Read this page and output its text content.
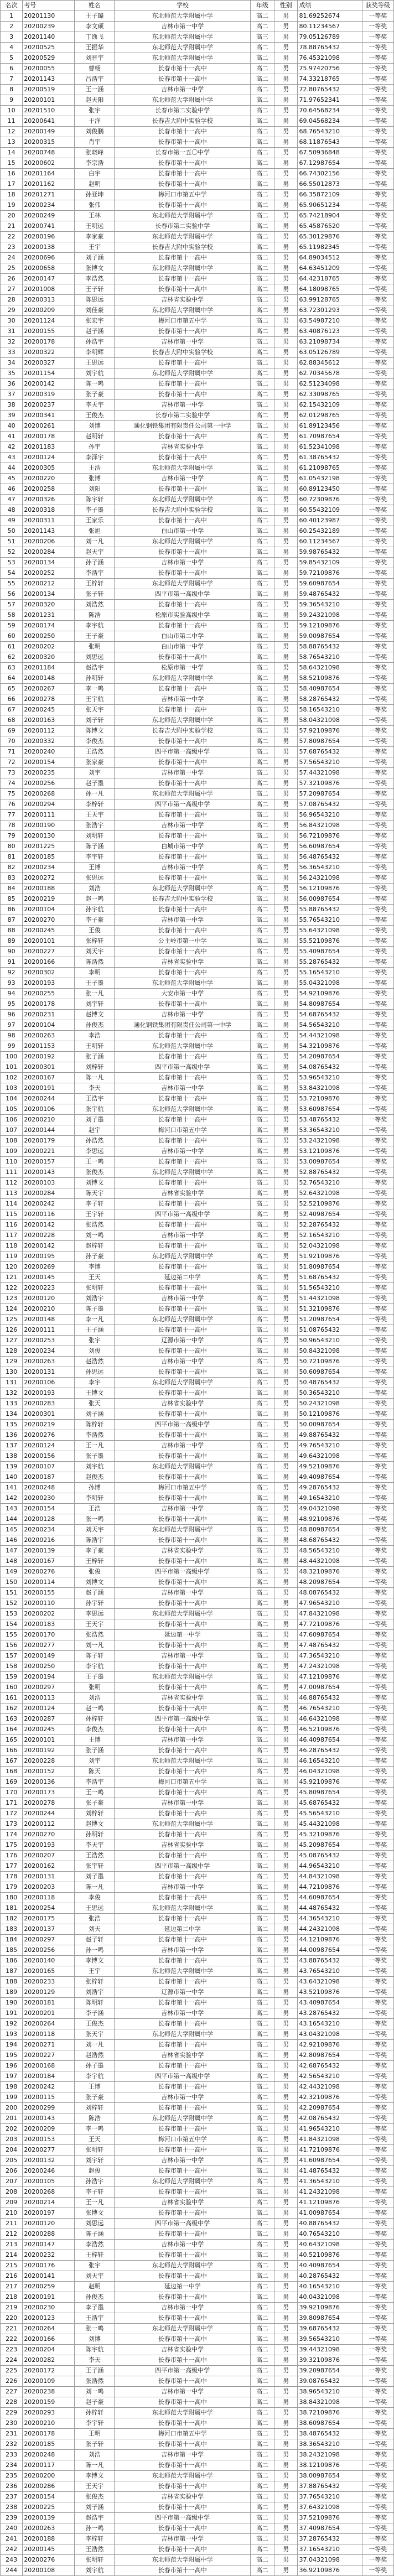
名次	考号	姓名	学校	年级	性别	成绩	获奖等级
1	20201130	王子璐	东北师范大学附属中学	高二	男	81.69252674	一等奖
2	20200239	李文硕	吉林市第一中学	高二	男	80.11234567	一等奖
3	20201140	丁逸飞	东北师范大学附属中学	高三	男	79.05126789	一等奖
4	20200525	王振华	东北师范大学附属中学	高二	男	78.88765432	一等奖
5	20200529	刘晋宇	东北师范大学附属中学	高二	男	76.45321098	一等奖
6	20200055	曹畅	长春市第十一高中	高二	男	75.97420756	一等奖
7	20201143	吕浩宇	长春市第十一高中	高二	男	74.33218765	一等奖
8	20200519	王一涵	吉林市第一中学	高二	男	72.80765432	一等奖
9	20200101	赵天阳	东北师范大学附属中学	高二	男	71.97652341	一等奖
10	20201510	张宇	长春市第二实验中学	高二	男	70.64568234	一等奖
11	20200641	于洋	长春吉大附中实验学校	高二	男	69.04568234	一等奖
12	20200149	刘俊鹏	长春市第十一高中	高二	男	68.76543210	一等奖
13	20200315	肖宇	长春市第十一高中	高二	男	68.11876543	一等奖
14	20200748	张晓峰	长春市第一五〇中学	高二	男	67.50936848	一等奖
15	20200602	李宗浩	长春市第十一高中	高二	男	67.12987654	一等奖
16	20201164	白宇	长春市第十一高中	高二	男	66.74302156	一等奖
17	20201162	赵明	长春市第十一高中	高二	男	66.55012873	一等奖
18	20201271	孙亚坤	梅河口市第五中学	高二	男	66.35872109	一等奖
19	20200234	张伟	长春市第十一高中	高二	男	65.90651234	一等奖
20	20200249	王林	东北师范大学附属中学	高二	男	65.74218904	一等奖
21	20200741	王明远	长春市第二实验中学	高二	男	65.45876520	一等奖
22	20200196	李家豪	东北师范大学附属中学	高二	男	65.30129876	一等奖
23	20200138	王宇	长春吉大附中实验学校	高二	男	65.11982345	一等奖
24	20200696	刘子涵	长春市第十一高中	高二	男	64.89034512	一等奖
25	20200658	张博文	东北师范大学附属中学	高二	男	64.63451209	一等奖
26	20200147	李浩然	长春市第十一高中	高二	男	64.42318765	一等奖
27	20201008	王子轩	长春市第十一高中	高二	男	64.18098765	一等奖
28	20200313	陈思远	吉林省实验中学	高二	男	63.99128765	一等奖
29	20200209	刘佳豪	东北师范大学附属中学	高二	男	63.72301293	一等奖
30	20201124	张宏宇	梅河口市第五中学	高二	男	63.54987210	一等奖
31	20200155	赵子涵	长春市第十一高中	高二	男	63.40876123	一等奖
32	20200178	孙浩宇	吉林市第一中学	高二	男	63.21098734	一等奖
33	20200322	李明辉	长春吉大附中实验学校	高二	男	63.05126789	一等奖
34	20200327	王思远	长春市第十一高中	高二	男	62.88345612	一等奖
35	20201154	刘宇航	东北师范大学附属中学	高二	男	62.70345678	一等奖
36	20200142	陈一鸣	长春市第十一高中	高二	男	62.51234098	一等奖
37	20200319	张子豪	长春市第十一高中	高二	男	62.33098765	一等奖
38	20200237	李天宇	吉林市第一中学	高二	男	62.15432109	一等奖
39	20200341	王俊杰	长春市第二实验中学	高二	男	62.01298765	一等奖
40	20200261	刘博	通化钢铁集团有限责任公司第一中学	高二	男	61.89123456	一等奖
41	20200178	赵明轩	长春市第十一高中	高二	男	61.70987654	一等奖
42	20201183	孙宇	吉林省实验中学	高二	男	61.52341098	一等奖
43	20200124	李泽宇	长春市第十一高中	高二	男	61.38765432	一等奖
44	20200305	王浩	东北师范大学附属中学	高二	男	61.21098765	一等奖
45	20200220	张博	吉林市第一中学	高二	男	61.05432198	一等奖
46	20200258	刘阳	长春市第十一高中	高二	男	60.89123450	一等奖
47	20200326	陈宇轩	东北师范大学附属中学	高二	男	60.72309876	一等奖
48	20200318	李子墨	长春吉大附中实验学校	高二	男	60.55432109	一等奖
49	20200311	王家乐	长春市第十一高中	高二	男	60.40123987	一等奖
50	20201143	张旭	白山市第一中学	高二	男	60.25432189	一等奖
51	20200206	刘一凡	东北师范大学附属中学	高二	男	60.11234567	一等奖
52	20200284	赵天宇	长春市第十一高中	高二	男	59.98765432	一等奖
53	20200134	孙子涵	吉林市第一中学	高二	男	59.85432109	一等奖
54	20200252	李浩宇	长春市第十一高中	高二	男	59.72109876	一等奖
55	20200212	王梓轩	东北师范大学附属中学	高二	男	59.60987654	一等奖
56	20200134	张子轩	四平市第一高级中学	高二	男	59.48765432	一等奖
57	20200320	刘浩然	长春市第十一高中	高二	男	59.36543210	一等奖
58	20201231	陈浩	松原市实验高级中学	高二	男	59.24321098	一等奖
59	20200174	李宇航	长春市第十一高中	高二	男	59.12109876	一等奖
60	20200250	王子豪	白山市第二中学	高二	男	59.00987654	一等奖
61	20200202	张明	白山市第一中学	高二	男	58.88765432	一等奖
62	20200320	刘思远	长春市第十一高中	高二	男	58.76543210	一等奖
63	20201184	赵浩宇	松原市第一中学	高二	男	58.64321098	一等奖
64	20200148	孙明轩	东北师范大学附属中学	高二	男	58.52109876	一等奖
65	20200267	李一鸣	长春市第十一高中	高二	男	58.40987654	一等奖
66	20200278	王宇航	吉林市第一中学	高二	男	58.28765432	一等奖
67	20200245	张天宇	长春市第十一高中	高二	男	58.16543210	一等奖
68	20200163	刘子轩	东北师范大学附属中学	高二	男	58.04321098	一等奖
69	20200112	陈博文	长春吉大附中实验学校	高二	男	57.92109876	一等奖
70	20200332	李俊杰	长春市第十一高中	高二	男	57.80987654	一等奖
71	20200240	王浩然	四平市第一高级中学	高二	男	57.68765432	一等奖
72	20200154	张家豪	长春市第十一高中	高二	男	57.56543210	一等奖
73	20200235	刘宇	吉林市第一中学	高二	男	57.44321098	一等奖
74	20200256	赵子墨	长春市第十一高中	高二	男	57.32109876	一等奖
75	20200268	孙一凡	东北师范大学附属中学	高二	男	57.20987654	一等奖
76	20200294	李梓轩	四平市第一高级中学	高二	男	57.08765432	一等奖
77	20200111	王天宇	长春市第十一高中	高二	男	56.96543210	一等奖
78	20200190	张浩宇	吉林市第一中学	高二	男	56.84321098	一等奖
79	20200130	刘明轩	长春市第十一高中	高二	男	56.72109876	一等奖
80	20201225	陈子涵	白城市第一中学	高二	男	56.60987654	一等奖
81	20200185	李宇轩	长春市第十一高中	高二	男	56.48765432	一等奖
82	20200234	王博	吉林市第一中学	高二	男	56.36543210	一等奖
83	20200272	张思远	长春市第十一高中	高二	男	56.24321098	一等奖
84	20200188	刘浩	东北师范大学附属中学	高二	男	56.12109876	一等奖
85	20200219	赵一鸣	长春吉大附中实验学校	高二	男	56.00987654	一等奖
86	20200104	孙宇航	长春市第十一高中	高二	男	55.88765432	一等奖
87	20200270	李子豪	吉林市第一中学	高二	男	55.76543210	一等奖
88	20200245	王俊	长春市第十一高中	高二	男	55.64321098	一等奖
89	20200101	张梓轩	公主岭市第一中学	高二	男	55.52109876	一等奖
90	20200227	刘天宇	长春市第十一高中	高二	男	55.40987654	一等奖
91	20200166	陈浩然	吉林省实验中学	高二	男	55.28765432	一等奖
92	20200302	李明	长春市第十一高中	高二	男	55.16543210	一等奖
93	20200193	王子墨	东北师范大学附属中学	高二	男	55.04321098	一等奖
94	20200255	张一凡	大安市第一中学	高二	男	54.92109876	一等奖
95	20200178	刘宇轩	长春市第十一高中	高二	男	54.80987654	一等奖
96	20200231	赵博文	吉林市第一中学	高二	男	54.68765432	一等奖
97	20200104	孙俊杰	通化钢铁集团有限责任公司第一中学	高二	男	54.56543210	一等奖
98	20200263	李浩	长春市第十一高中	高二	男	54.44321098	一等奖
99	20201153	王明轩	东北师范大学附属中学	高二	男	54.32109876	一等奖
100	20200192	张子涵	长春市第十一高中	高二	男	54.20987654	一等奖
101	20200301	刘梓轩	四平市第一高级中学	高二	男	54.08765432	一等奖
102	20200167	陈一凡	长春市第十一高中	高二	男	53.96543210	一等奖
103	20200191	李天	吉林市第一中学	高二	男	53.84321098	一等奖
104	20200244	王浩宇	长春市第十一高中	高二	男	53.72109876	一等奖
105	20200106	张宇航	东北师范大学附属中学	高二	男	53.60987654	一等奖
106	20200210	刘子墨	长春市第十一高中	高二	男	53.48765432	一等奖
107	20200144	赵宇	梅河口市第五中学	高二	男	53.36543210	一等奖
108	20200179	孙浩然	长春市第十一高中	高二	男	53.24321098	一等奖
109	20200221	李思远	吉林市第一中学	高二	男	53.12109876	一等奖
110	20200157	王一鸣	长春市第十一高中	高二	男	53.00987654	一等奖
111	20200143	张俊杰	东北师范大学附属中学	高二	男	52.88765432	一等奖
112	20200103	刘博文	长春市第十一高中	高二	男	52.76543210	一等奖
113	20200284	陈天宇	吉林省实验中学	高二	男	52.64321098	一等奖
114	20200242	李子轩	长春市第十一高中	高二	男	52.52109876	一等奖
115	20200116	王宇轩	四平市第一高级中学	高二	男	52.40987654	一等奖
116	20200142	张浩然	长春市第十一高中	高二	男	52.28765432	一等奖
117	20200228	刘一鸣	吉林市第一中学	高二	男	52.16543210	一等奖
118	20200142	赵梓轩	长春市第十一高中	高二	男	52.04321098	一等奖
119	20200195	孙子豪	东北师范大学附属中学	高二	男	51.92109876	一等奖
120	20200269	李博	长春市第十一高中	高二	男	51.80987654	一等奖
121	20200145	王天	延边第二中学	高二	男	51.68765432	一等奖
122	20200223	张明轩	长春市第十一高中	高二	男	51.56543210	一等奖
123	20200120	刘浩宇	吉林市第一中学	高二	男	51.44321098	一等奖
124	20200210	陈子墨	长春市第十一高中	高二	男	51.32109876	一等奖
125	20200148	李一凡	东北师范大学附属中学	高二	男	51.20987654	一等奖
126	20200111	王子涵	长春市第十一高中	高二	男	51.08765432	一等奖
127	20200253	张宇	辽源市第一中学	高二	男	50.96543210	一等奖
128	20200234	刘俊	长春市第十一高中	高二	男	50.84321098	一等奖
129	20200263	赵浩然	吉林市第一中学	高二	男	50.72109876	一等奖
130	20200131	孙思远	长春市第十一高中	高二	男	50.60987654	一等奖
131	20200106	李宇	东北师范大学附属中学	高二	男	50.48765432	一等奖
132	20200193	王博文	长春市第十一高中	高二	男	50.36543210	一等奖
133	20200283	张天	吉林省实验中学	高二	男	50.24321098	一等奖
134	20200301	刘子涵	长春市第十一高中	高二	男	50.12109876	一等奖
135	20200219	陈梓轩	四平市第一高级中学	高二	男	50.00987654	一等奖
136	20200276	李浩然	长春市第十一高中	高二	男	49.88765432	一等奖
137	20200124	王一凡	吉林市第一中学	高二	男	49.76543210	一等奖
138	20200156	张子墨	长春市第十一高中	高二	男	49.64321098	一等奖
139	20200107	刘宇航	东北师范大学附属中学	高二	男	49.52109876	一等奖
140	20200187	赵俊杰	长春市第十一高中	高二	男	49.40987654	一等奖
141	20200248	孙博	梅河口市第五中学	高二	男	49.28765432	一等奖
142	20200230	李明轩	长春市第十一高中	高二	男	49.16543210	一等奖
143	20200154	王浩	吉林市第一中学	高二	男	49.04321098	一等奖
144	20200128	张一鸣	长春市第十一高中	高二	男	48.92109876	一等奖
145	20200234	刘天宇	东北师范大学附属中学	高二	男	48.80987654	一等奖
146	20200216	陈浩宇	长春市第十一高中	高二	男	48.68765432	一等奖
147	20200139	李子豪	吉林省实验中学	高二	男	48.56543210	一等奖
148	20200167	王梓轩	长春市第十一高中	高二	男	48.44321098	一等奖
149	20200276	张俊	四平市第一高级中学	高二	男	48.32109876	一等奖
150	20200114	刘博文	长春市第十一高中	高二	男	48.20987654	一等奖
151	20200155	赵子涵	吉林市第一中学	高二	男	48.08765432	一等奖
152	20200110	孙宇轩	长春市第十一高中	高二	男	47.96543210	一等奖
153	20200202	李思远	东北师范大学附属中学	高二	男	47.84321098	一等奖
154	20200183	王天宇	长春市第十一高中	高二	男	47.72109876	一等奖
155	20200170	张浩然	延边第一中学	高二	男	47.60987654	一等奖
156	20200277	刘一凡	长春市第十一高中	高二	男	47.48765432	一等奖
157	20200149	陈子轩	吉林市第一中学	高二	男	47.36543210	一等奖
158	20200250	李宇航	长春市第十一高中	高二	男	47.24321098	一等奖
159	20200194	王子墨	东北师范大学附属中学	高二	男	47.12109876	一等奖
160	20200297	张明	长春市第十一高中	高二	男	47.00987654	一等奖
161	20200113	刘浩	吉林省实验中学	高二	男	46.88765432	一等奖
162	20200124	赵一鸣	长春市第十一高中	高二	男	46.76543210	一等奖
163	20200287	孙梓轩	四平市第一高级中学	高二	男	46.64321098	一等奖
164	20200245	李俊杰	长春市第十一高中	高二	男	46.52109876	一等奖
165	20200101	王博	吉林市第一中学	高二	男	46.40987654	一等奖
166	20200192	张子涵	长春市第十一高中	高二	男	46.28765432	一等奖
167	20200228	刘宇	东北师范大学附属中学	高二	男	46.16543210	一等奖
168	20200152	陈天	长春市第十一高中	高二	男	46.04321098	一等奖
169	20200136	李浩宇	梅河口市第五中学	高二	男	45.92109876	一等奖
170	20200173	王一鸣	长春市第十一高中	高二	男	45.80987654	一等奖
171	20200278	张子豪	吉林市第一中学	高二	男	45.68765432	一等奖
172	20200244	刘梓轩	长春市第十一高中	高二	男	45.56543210	一等奖
173	20200112	赵博文	东北师范大学附属中学	高二	男	45.44321098	一等奖
174	20200270	孙明轩	长春市第十一高中	高二	男	45.32109876	一等奖
175	20200193	李天宇	吉林省实验中学	高二	男	45.20987654	一等奖
176	20200207	王浩然	长春市第十一高中	高二	男	45.08765432	一等奖
177	20200162	张宇轩	四平市第一高级中学	高二	男	44.96543210	一等奖
178	20200131	刘子墨	长春市第十一高中	高二	男	44.84321098	一等奖
179	20200203	陈一凡	吉林市第一中学	高二	男	44.72109876	一等奖
180	20200118	李俊	长春市第十一高中	高二	男	44.60987654	一等奖
181	20200254	王思远	东北师范大学附属中学	高二	男	44.48765432	一等奖
182	20200175	张浩	长春市第十一高中	高二	男	44.36543210	一等奖
183	20200137	刘天	延边第二中学	高二	男	44.24321098	一等奖
184	20200297	赵子轩	长春市第十一高中	高二	男	44.12109876	一等奖
185	20200256	孙一鸣	吉林市第一中学	高二	男	44.00987654	一等奖
186	20200140	李博文	长春市第十一高中	高二	男	43.88765432	一等奖
187	20200165	王宇	东北师范大学附属中学	高二	男	43.76543210	一等奖
188	20200233	张梓轩	长春市第十一高中	高二	男	43.64321098	一等奖
189	20200129	刘浩宇	辽源市第一中学	高二	男	43.52109876	一等奖
190	20200181	陈明轩	长春市第十一高中	高二	男	43.40987654	一等奖
191	20200201	李子涵	吉林市第一中学	高二	男	43.28765432	一等奖
192	20200264	王俊杰	长春市第十一高中	高二	男	43.16543210	一等奖
193	20200118	张天宇	东北师范大学附属中学	高二	男	43.04321098	一等奖
194	20200271	刘一凡	长春市第十一高中	高二	男	42.92109876	一等奖
195	20200227	赵浩然	吉林省实验中学	高二	男	42.80987654	一等奖
196	20200168	孙子墨	长春市第十一高中	高二	男	42.68765432	一等奖
197	20200184	李宇航	四平市第一高级中学	高二	男	42.56543210	一等奖
198	20200242	王博	长春市第十一高中	高二	男	42.44321098	一等奖
199	20200115	张子豪	吉林市第一中学	高二	男	42.32109876	一等奖
200	20200299	刘梓轩	长春市第十一高中	高二	男	42.20987654	一等奖
201	20200143	陈浩	东北师范大学附属中学	高二	男	42.08765432	一等奖
202	20200209	李一鸣	长春市第十一高中	高二	男	41.96543210	一等奖
203	20200153	王天	梅河口市第五中学	高二	男	41.84321098	一等奖
204	20200277	张明轩	长春市第十一高中	高二	男	41.72109876	一等奖
205	20200132	刘宇轩	吉林市第一中学	高二	男	41.60987654	一等奖
206	20200246	赵俊	长春市第十一高中	高二	男	41.48765432	一等奖
207	20200105	孙浩宇	东北师范大学附属中学	高二	男	41.36543210	一等奖
208	20200268	李子轩	长春市第十一高中	高二	男	41.24321098	一等奖
209	20200214	王一凡	吉林省实验中学	高二	男	41.12109876	一等奖
210	20200197	张博文	长春市第十一高中	高二	男	41.00987654	一等奖
211	20200120	刘思远	四平市第一高级中学	高二	男	40.88765432	一等奖
212	20200288	陈子涵	长春市第十一高中	高二	男	40.76543210	一等奖
213	20200147	李浩然	吉林市第一中学	高二	男	40.64321098	一等奖
214	20200232	王梓轩	长春市第十一高中	高二	男	40.52109876	一等奖
215	20200176	张宇	东北师范大学附属中学	高二	男	40.40987654	一等奖
216	20200141	刘天宇	长春市第十一高中	高二	男	40.28765432	一等奖
217	20200259	赵明	延边第一中学	高二	男	40.16543210	一等奖
218	20200191	孙俊杰	长春市第十一高中	高二	男	40.04321098	一等奖
219	20200230	李子墨	吉林市第一中学	高二	男	39.92109876	一等奖
220	20200123	王浩宇	长春市第十一高中	高二	男	39.80987654	一等奖
221	20200264	张一鸣	东北师范大学附属中学	高二	男	39.68765432	一等奖
222	20200166	刘博	长春市第十一高中	高二	男	39.56543210	一等奖
223	20200204	陈宇航	吉林省实验中学	高二	男	39.44321098	一等奖
224	20200282	李天	长春市第十一高中	高二	男	39.32109876	一等奖
225	20200172	王子涵	四平市第一高级中学	高二	男	39.20987654	一等奖
226	20200109	张浩然	长春市第十一高中	高二	男	39.08765432	一等奖
227	20200238	刘一鸣	吉林市第一中学	高二	男	38.96543210	一等奖
228	20200159	赵子豪	长春市第十一高中	高二	男	38.84321098	一等奖
229	20200293	孙梓轩	东北师范大学附属中学	高二	男	38.72109876	一等奖
230	20200210	李宇轩	长春市第十一高中	高二	男	38.60987654	一等奖
231	20200178	王明	梅河口市第五中学	高二	男	38.48765432	一等奖
232	20200185	张子轩	长春市第十一高中	高二	男	38.36543210	一等奖
233	20200248	刘浩	吉林市第一中学	高二	男	38.24321098	一等奖
234	20200117	陈一凡	长春市第十一高中	高二	男	38.12109876	一等奖
235	20200200	李博文	东北师范大学附属中学	高二	男	38.00987654	一等奖
236	20200286	王天宇	长春市第十一高中	高二	男	37.88765432	一等奖
237	20200154	张俊杰	吉林省实验中学	高二	男	37.76543210	一等奖
238	20200225	刘子涵	长春市第十一高中	高二	男	37.64321098	一等奖
239	20200139	赵浩宇	四平市第一高级中学	高二	男	37.52109876	一等奖
240	20200263	孙一鸣	长春市第十一高中	高二	男	37.40987654	一等奖
241	20200188	李梓轩	吉林市第一中学	高二	男	37.28765432	一等奖
242	20200145	王浩然	长春市第十一高中	高二	男	37.16543210	一等奖
243	20200276	张明轩	东北师范大学附属中学	高二	男	37.04321098	一等奖
244	20200108	刘宇航	长春市第十一高中	高二	男	36.92109876	一等奖
